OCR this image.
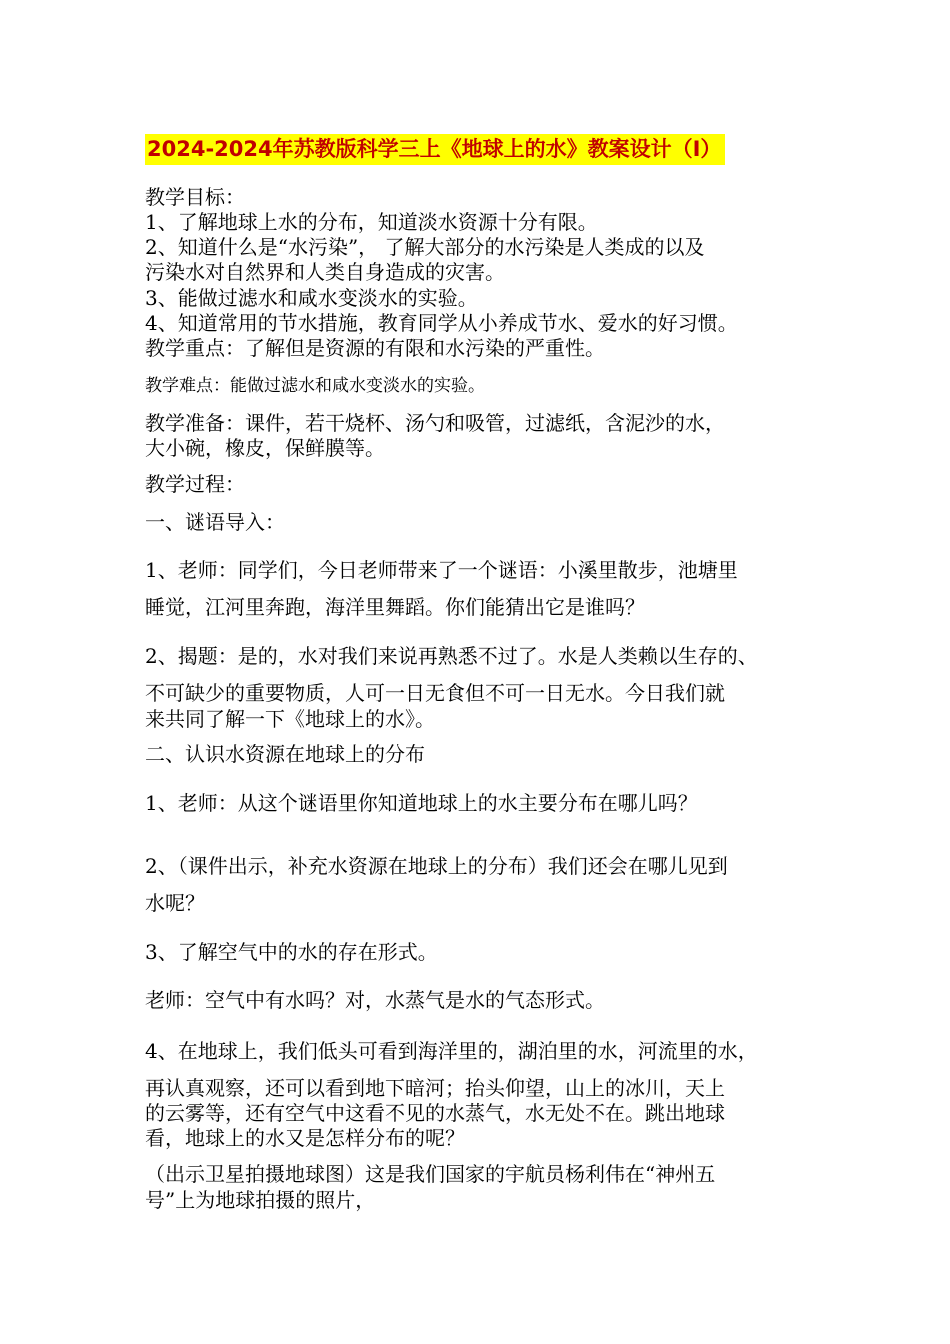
2024-2024年苏教版科学三上《地球上的水》教案设计（I）
教学目标：
1、了解地球上水的分布，知道淡水资源十分有限。
2、知道什么是“水污染”， 了解大部分的水污染是人类成的以及
污染水对自然界和人类自身造成的灾害。
3、能做过滤水和咸水变淡水的实验。
4、知道常用的节水措施，教育同学从小养成节水、爱水的好习惯。
教学重点：了解但是资源的有限和水污染的严重性。
教学难点：能做过滤水和咸水变淡水的实验。
教学准备：课件，若干烧杯、汤勺和吸管，过滤纸，含泥沙的水，
大小碗，橡皮，保鲜膜等。
教学过程：
一、谜语导入：
1、老师：同学们，今日老师带来了一个谜语：小溪里散步，池塘里
睡觉，江河里奔跑，海洋里舞蹈。你们能猜出它是谁吗？
2、揭题：是的，水对我们来说再熟悉不过了。水是人类赖以生存的、
不可缺少的重要物质，人可一日无食但不可一日无水。今日我们就
来共同了解一下《地球上的水》。
二、认识水资源在地球上的分布
1、老师：从这个谜语里你知道地球上的水主要分布在哪儿吗？
2、（课件出示，补充水资源在地球上的分布）我们还会在哪儿见到
水呢？
3、了解空气中的水的存在形式。
老师：空气中有水吗？对，水蒸气是水的气态形式。
4、在地球上，我们低头可看到海洋里的，湖泊里的水，河流里的水，
再认真观察，还可以看到地下暗河；抬头仰望，山上的冰川，天上
的云雾等，还有空气中这看不见的水蒸气，水无处不在。跳出地球
看，地球上的水又是怎样分布的呢？
（出示卫星拍摄地球图）这是我们国家的宇航员杨利伟在“神州五
号”上为地球拍摄的照片，
